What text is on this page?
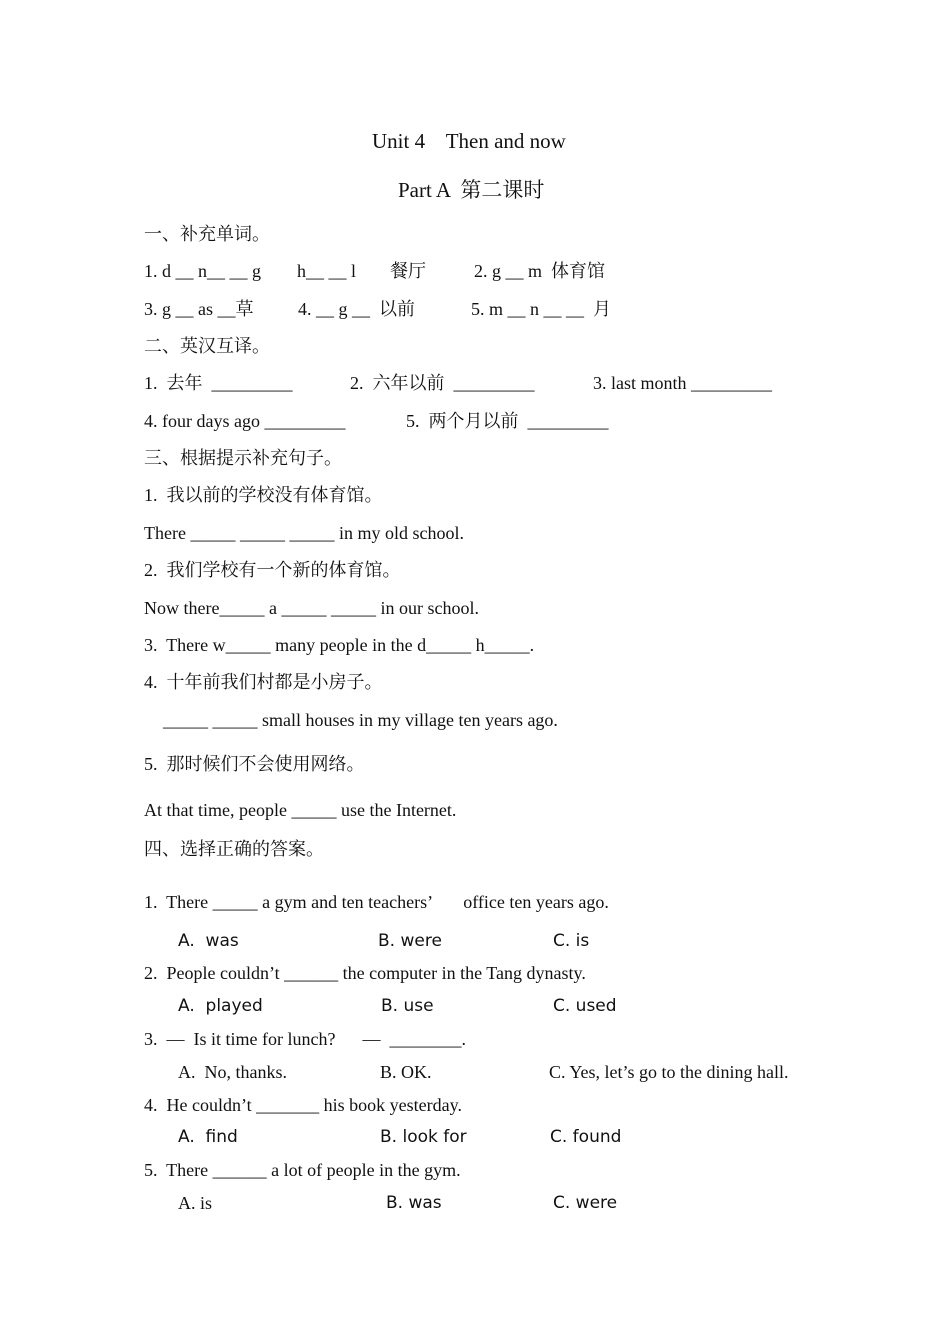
Unit 4    Then and now
Part A  第二课时
一、补充单词。
1. d __ n__ __ g h__ __ l 餐厅	2. g __ m  体育馆
3. g __ as __草 4. __ g __  以前	5. m __ n __ __  月
二、英汉互译。
1.  去年  _________	2.  六年以前  _________	3. last month _________
4. four days ago _________	5.  两个月以前  _________
三、根据提示补充句子。
1.  我以前的学校没有体育馆。
There _____ _____ _____ in my old school.
2.  我们学校有一个新的体育馆。
Now there_____ a _____ _____ in our school.
3.  There w_____ many people in the d_____ h_____.
4.  十年前我们村都是小房子。
_____ _____ small houses in my village ten years ago.
5.  那时候们不会使用网络。
At that time, people _____ use the Internet.
四、选择正确的答案。
1.  There _____ a gym and ten teachers’       office ten years ago.
A.  was	B. were	C. is
2.  People couldn’t ______ the computer in the Tang dynasty.
A.  played	B. use	C. used
3.  —  Is it time for lunch?      —  ________.
A.  No, thanks.	B. OK.	C. Yes, let’s go to the dining hall.
4.  He couldn’t _______ his book yesterday.
A.  find	B. look for	C. found
5.  There ______ a lot of people in the gym.
A. is	B. was	C. were
